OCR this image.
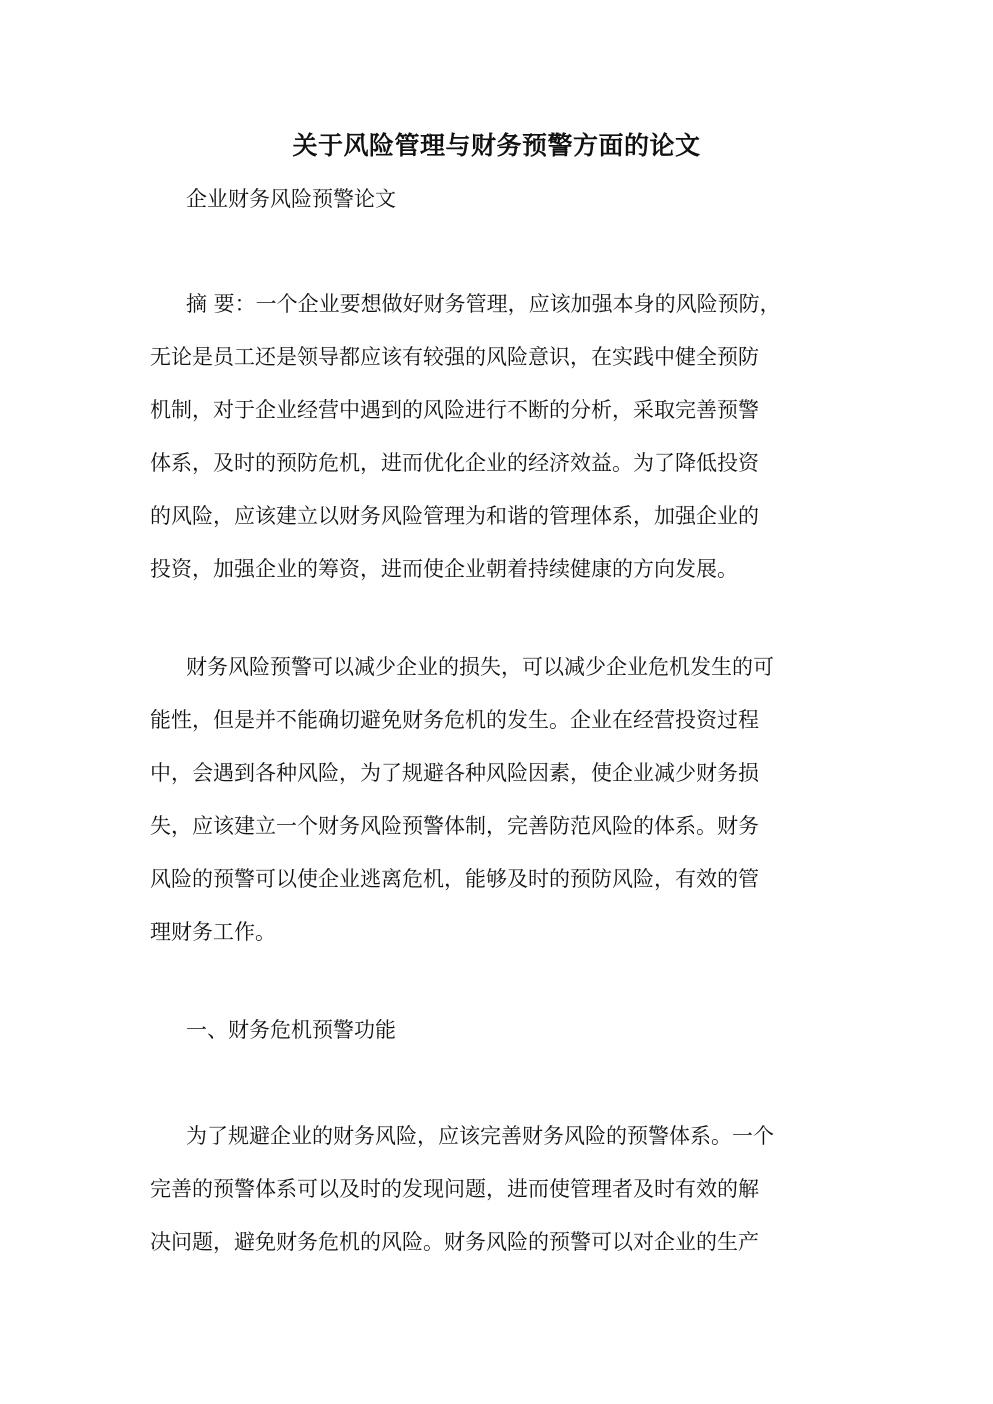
关于风险管理与财务预警方面的论文
企业财务风险预警论文
摘 要：一个企业要想做好财务管理，应该加强本身的风险预防，
无论是员工还是领导都应该有较强的风险意识，在实践中健全预防
机制，对于企业经营中遇到的风险进行不断的分析，采取完善预警
体系，及时的预防危机，进而优化企业的经济效益。为了降低投资
的风险，应该建立以财务风险管理为和谐的管理体系，加强企业的
投资，加强企业的筹资，进而使企业朝着持续健康的方向发展。
财务风险预警可以减少企业的损失，可以减少企业危机发生的可
能性，但是并不能确切避免财务危机的发生。企业在经营投资过程
中，会遇到各种风险，为了规避各种风险因素，使企业减少财务损
失，应该建立一个财务风险预警体制，完善防范风险的体系。财务
风险的预警可以使企业逃离危机，能够及时的预防风险，有效的管
理财务工作。
一、财务危机预警功能
为了规避企业的财务风险，应该完善财务风险的预警体系。一个
完善的预警体系可以及时的发现问题，进而使管理者及时有效的解
决问题，避免财务危机的风险。财务风险的预警可以对企业的生产
